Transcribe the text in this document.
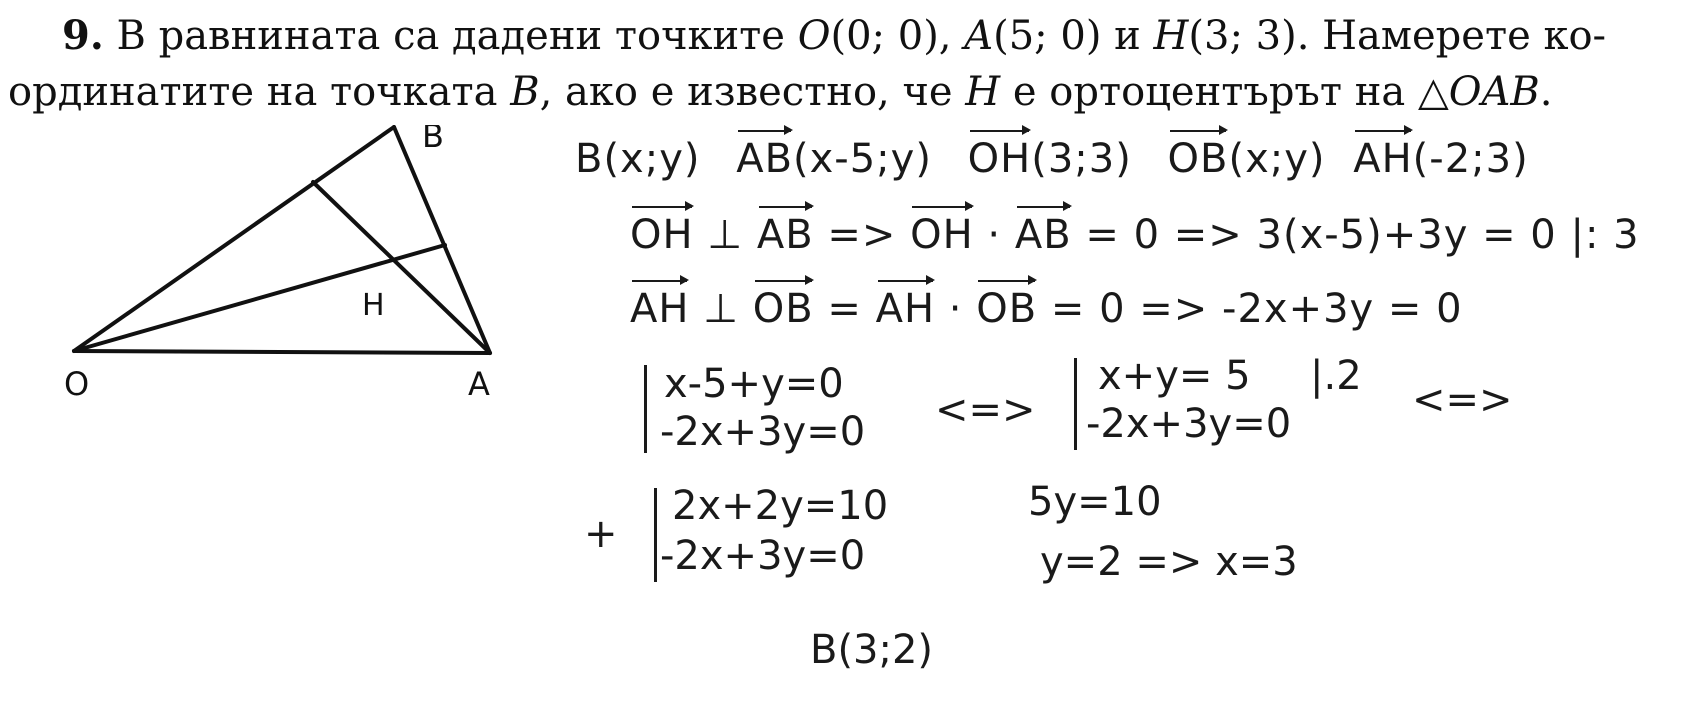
9. В равнината са дадени точките O(0; 0), A(5; 0) и H(3; 3). Намерете ко-
ординатите на точката B, ако е известно, че H е ортоцентърът на △OAB.
B
O	A
H
B(x;y) AB(x-5;y) OH(3;3) OB(x;y) AH(-2;3)
OH ⊥ AB => OH · AB = 0 => 3(x-5)+3y = 0 |: 3
AH ⊥ OB = AH · OB = 0 => -2x+3y = 0
x-5+y=0
-2x+3y=0 <=>
x+y= 5 |.2
-2x+3y=0
<=>
+
2x+2y=10
-2x+3y=0
5y=10
y=2 => x=3
B(3;2)
